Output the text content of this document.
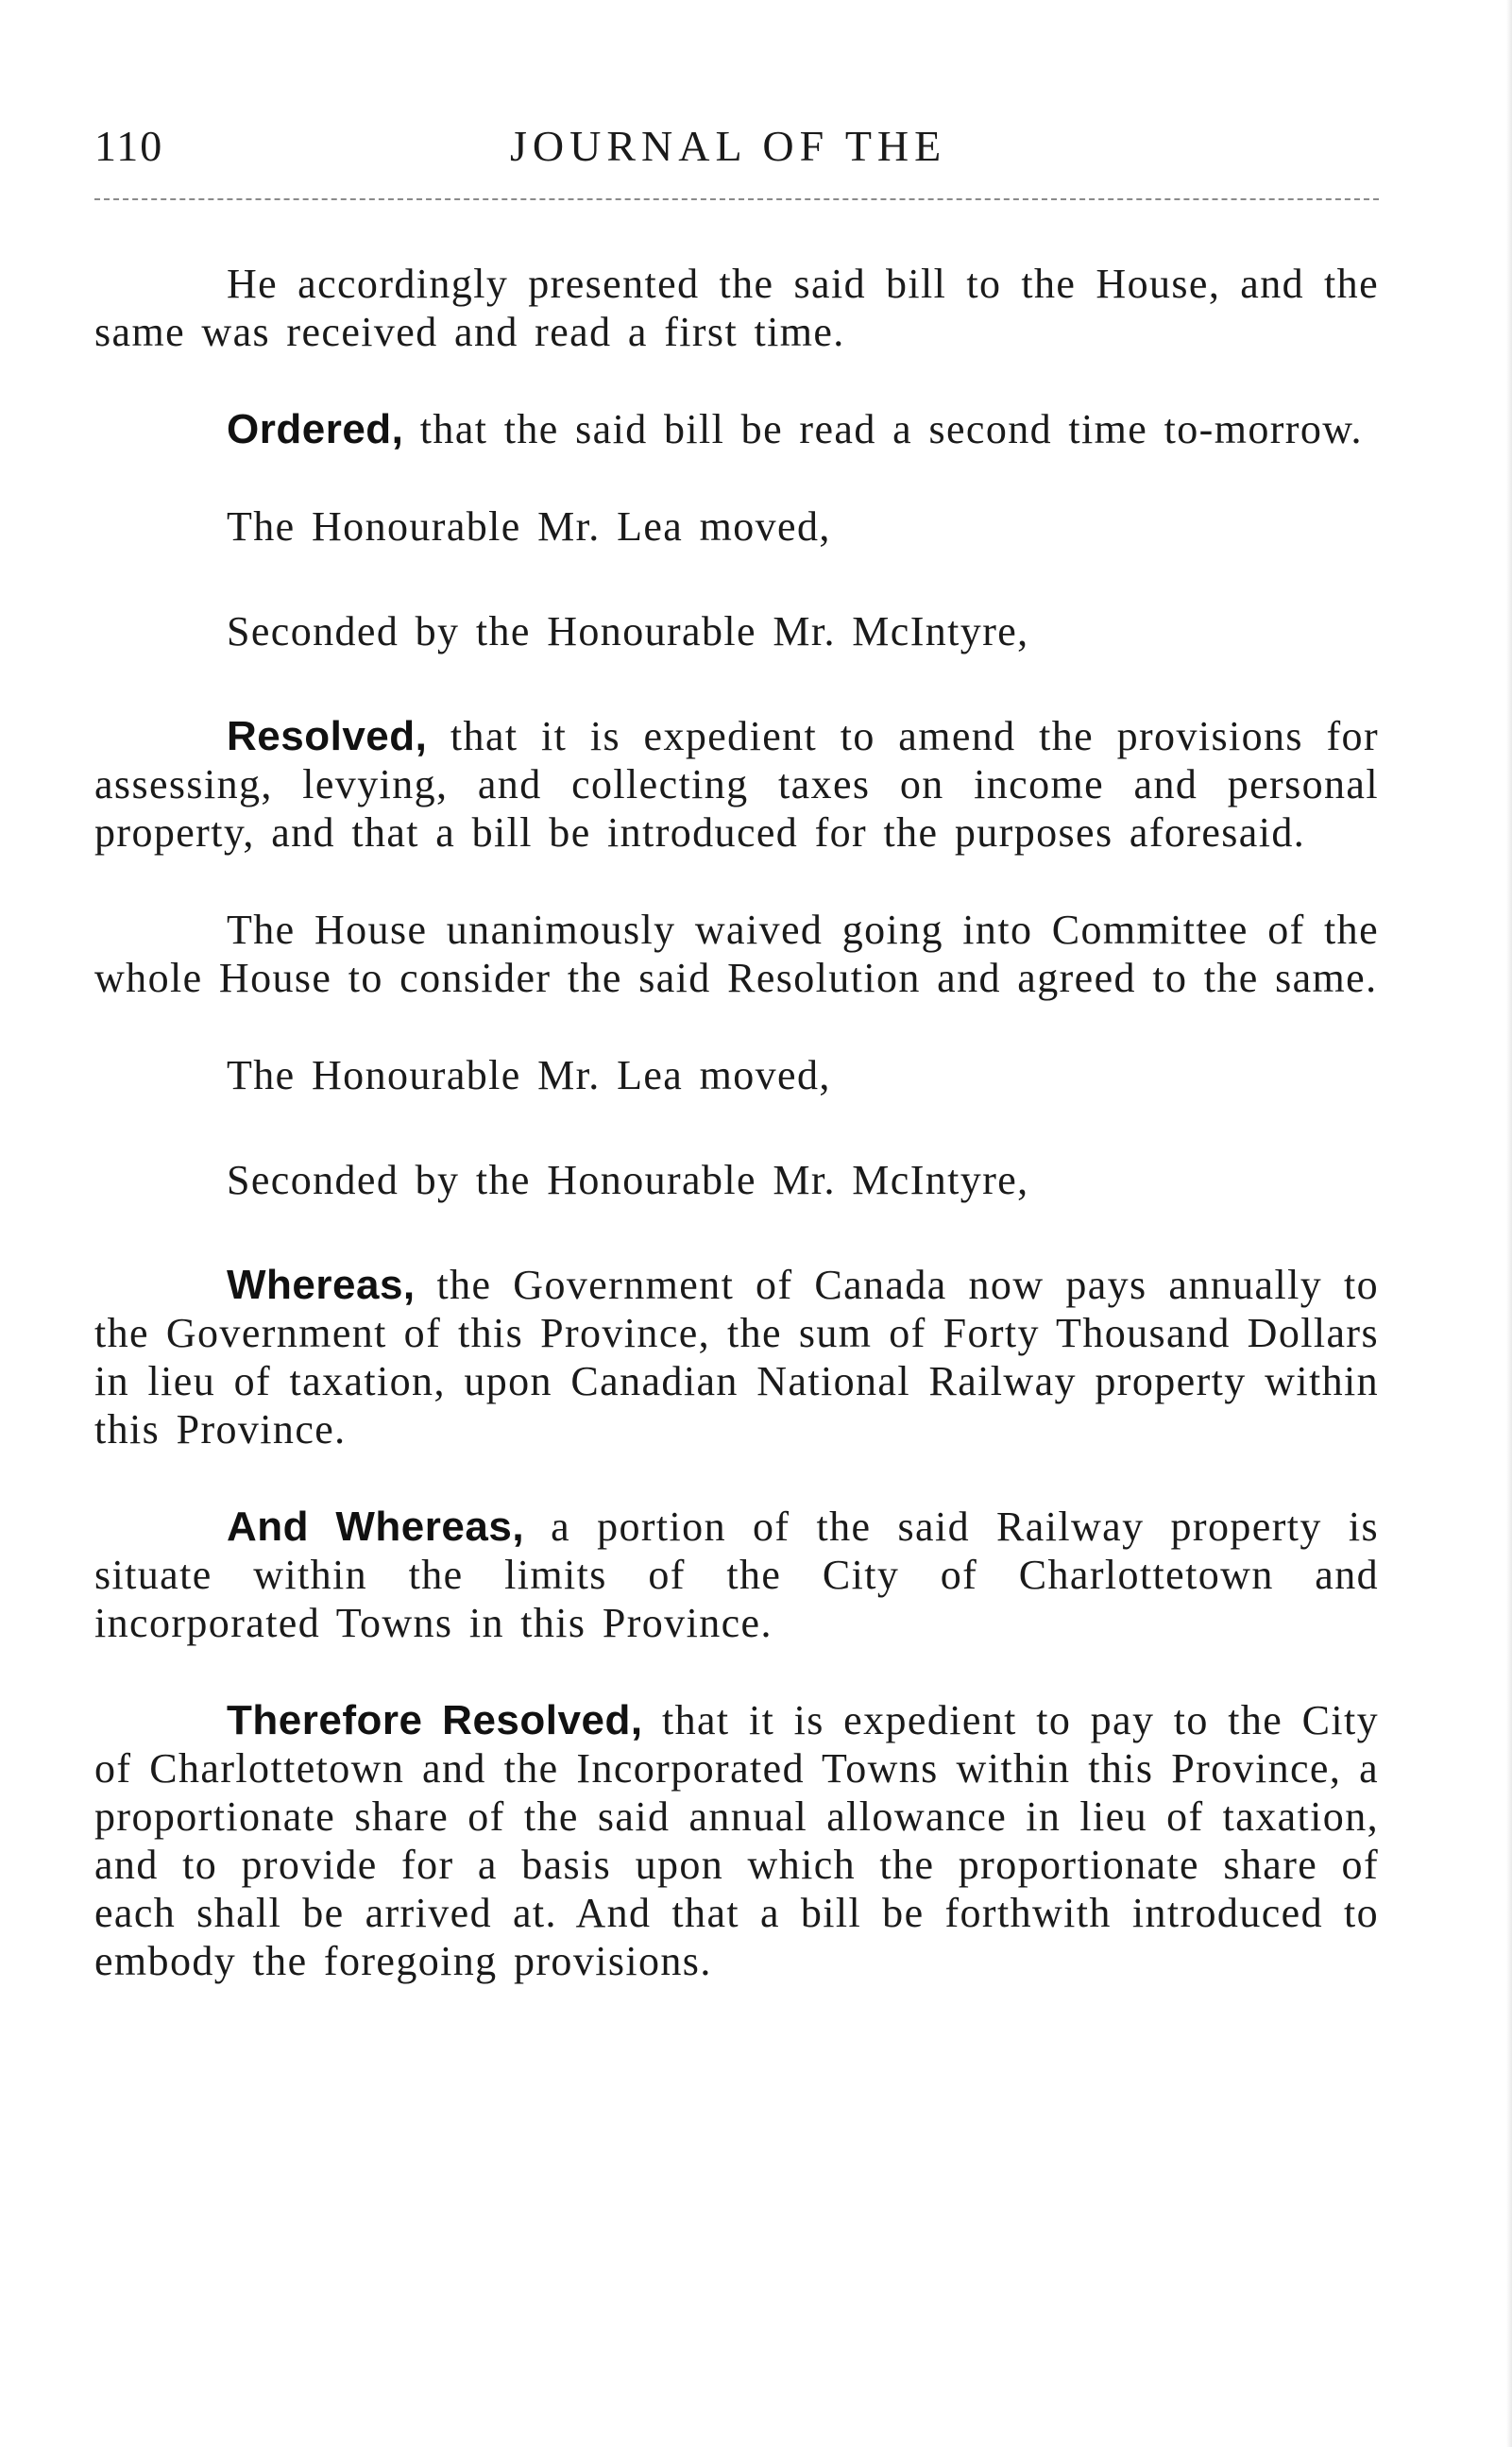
110	JOURNAL OF THE

He accordingly presented the said bill to the House, and the same was received and read a first time.

Ordered, that the said bill be read a second time to-morrow.

The Honourable Mr. Lea moved,

Seconded by the Honourable Mr. McIntyre,

Resolved, that it is expedient to amend the provisions for assessing, levying, and collecting taxes on income and personal property, and that a bill be introduced for the purposes aforesaid.

The House unanimously waived going into Committee of the whole House to consider the said Resolution and agreed to the same.

The Honourable Mr. Lea moved,

Seconded by the Honourable Mr. McIntyre,

Whereas, the Government of Canada now pays annually to the Government of this Province, the sum of Forty Thousand Dollars in lieu of taxation, upon Canadian National Railway property within this Province.

And Whereas, a portion of the said Railway property is situate within the limits of the City of Charlottetown and incorporated Towns in this Province.

Therefore Resolved, that it is expedient to pay to the City of Charlottetown and the Incorporated Towns within this Province, a proportionate share of the said annual allowance in lieu of taxation, and to provide for a basis upon which the proportionate share of each shall be arrived at. And that a bill be forthwith introduced to embody the foregoing provisions.
